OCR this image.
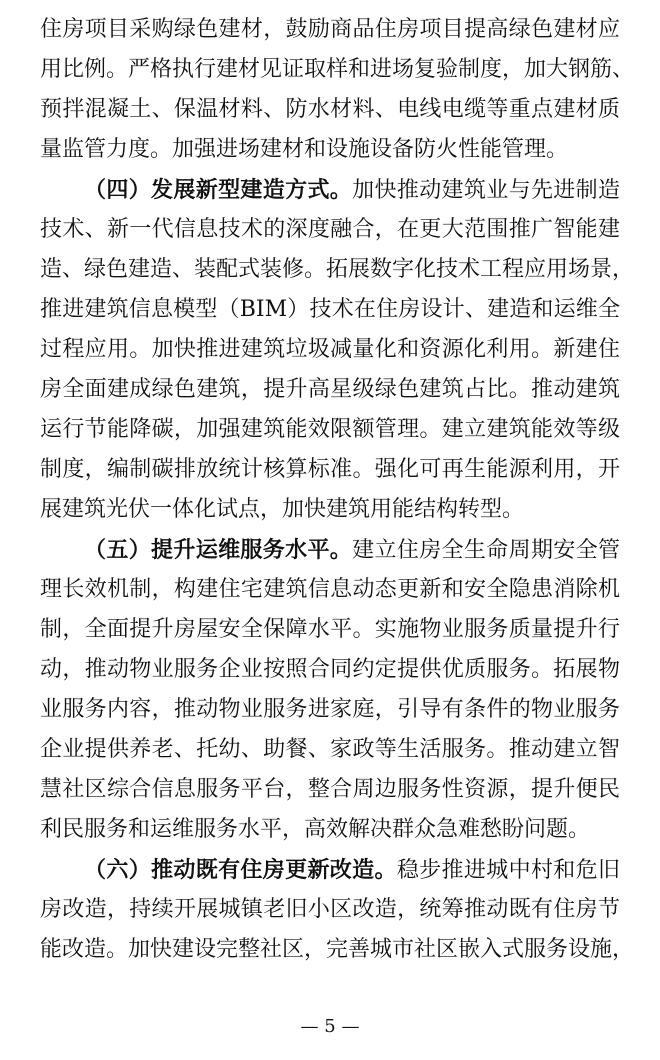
住房项目采购绿色建材，鼓励商品住房项目提高绿色建材应
用比例。严格执行建材见证取样和进场复验制度，加大钢筋、
预拌混凝土、保温材料、防水材料、电线电缆等重点建材质
量监管力度。加强进场建材和设施设备防火性能管理。
（四）发展新型建造方式。加快推动建筑业与先进制造
技术、新一代信息技术的深度融合，在更大范围推广智能建
造、绿色建造、装配式装修。拓展数字化技术工程应用场景，
推进建筑信息模型（BIM）技术在住房设计、建造和运维全
过程应用。加快推进建筑垃圾减量化和资源化利用。新建住
房全面建成绿色建筑，提升高星级绿色建筑占比。推动建筑
运行节能降碳，加强建筑能效限额管理。建立建筑能效等级
制度，编制碳排放统计核算标准。强化可再生能源利用，开
展建筑光伏一体化试点，加快建筑用能结构转型。
（五）提升运维服务水平。建立住房全生命周期安全管
理长效机制，构建住宅建筑信息动态更新和安全隐患消除机
制，全面提升房屋安全保障水平。实施物业服务质量提升行
动，推动物业服务企业按照合同约定提供优质服务。拓展物
业服务内容，推动物业服务进家庭，引导有条件的物业服务
企业提供养老、托幼、助餐、家政等生活服务。推动建立智
慧社区综合信息服务平台，整合周边服务性资源，提升便民
利民服务和运维服务水平，高效解决群众急难愁盼问题。
（六）推动既有住房更新改造。稳步推进城中村和危旧
房改造，持续开展城镇老旧小区改造，统筹推动既有住房节
能改造。加快建设完整社区，完善城市社区嵌入式服务设施，
— 5 —
